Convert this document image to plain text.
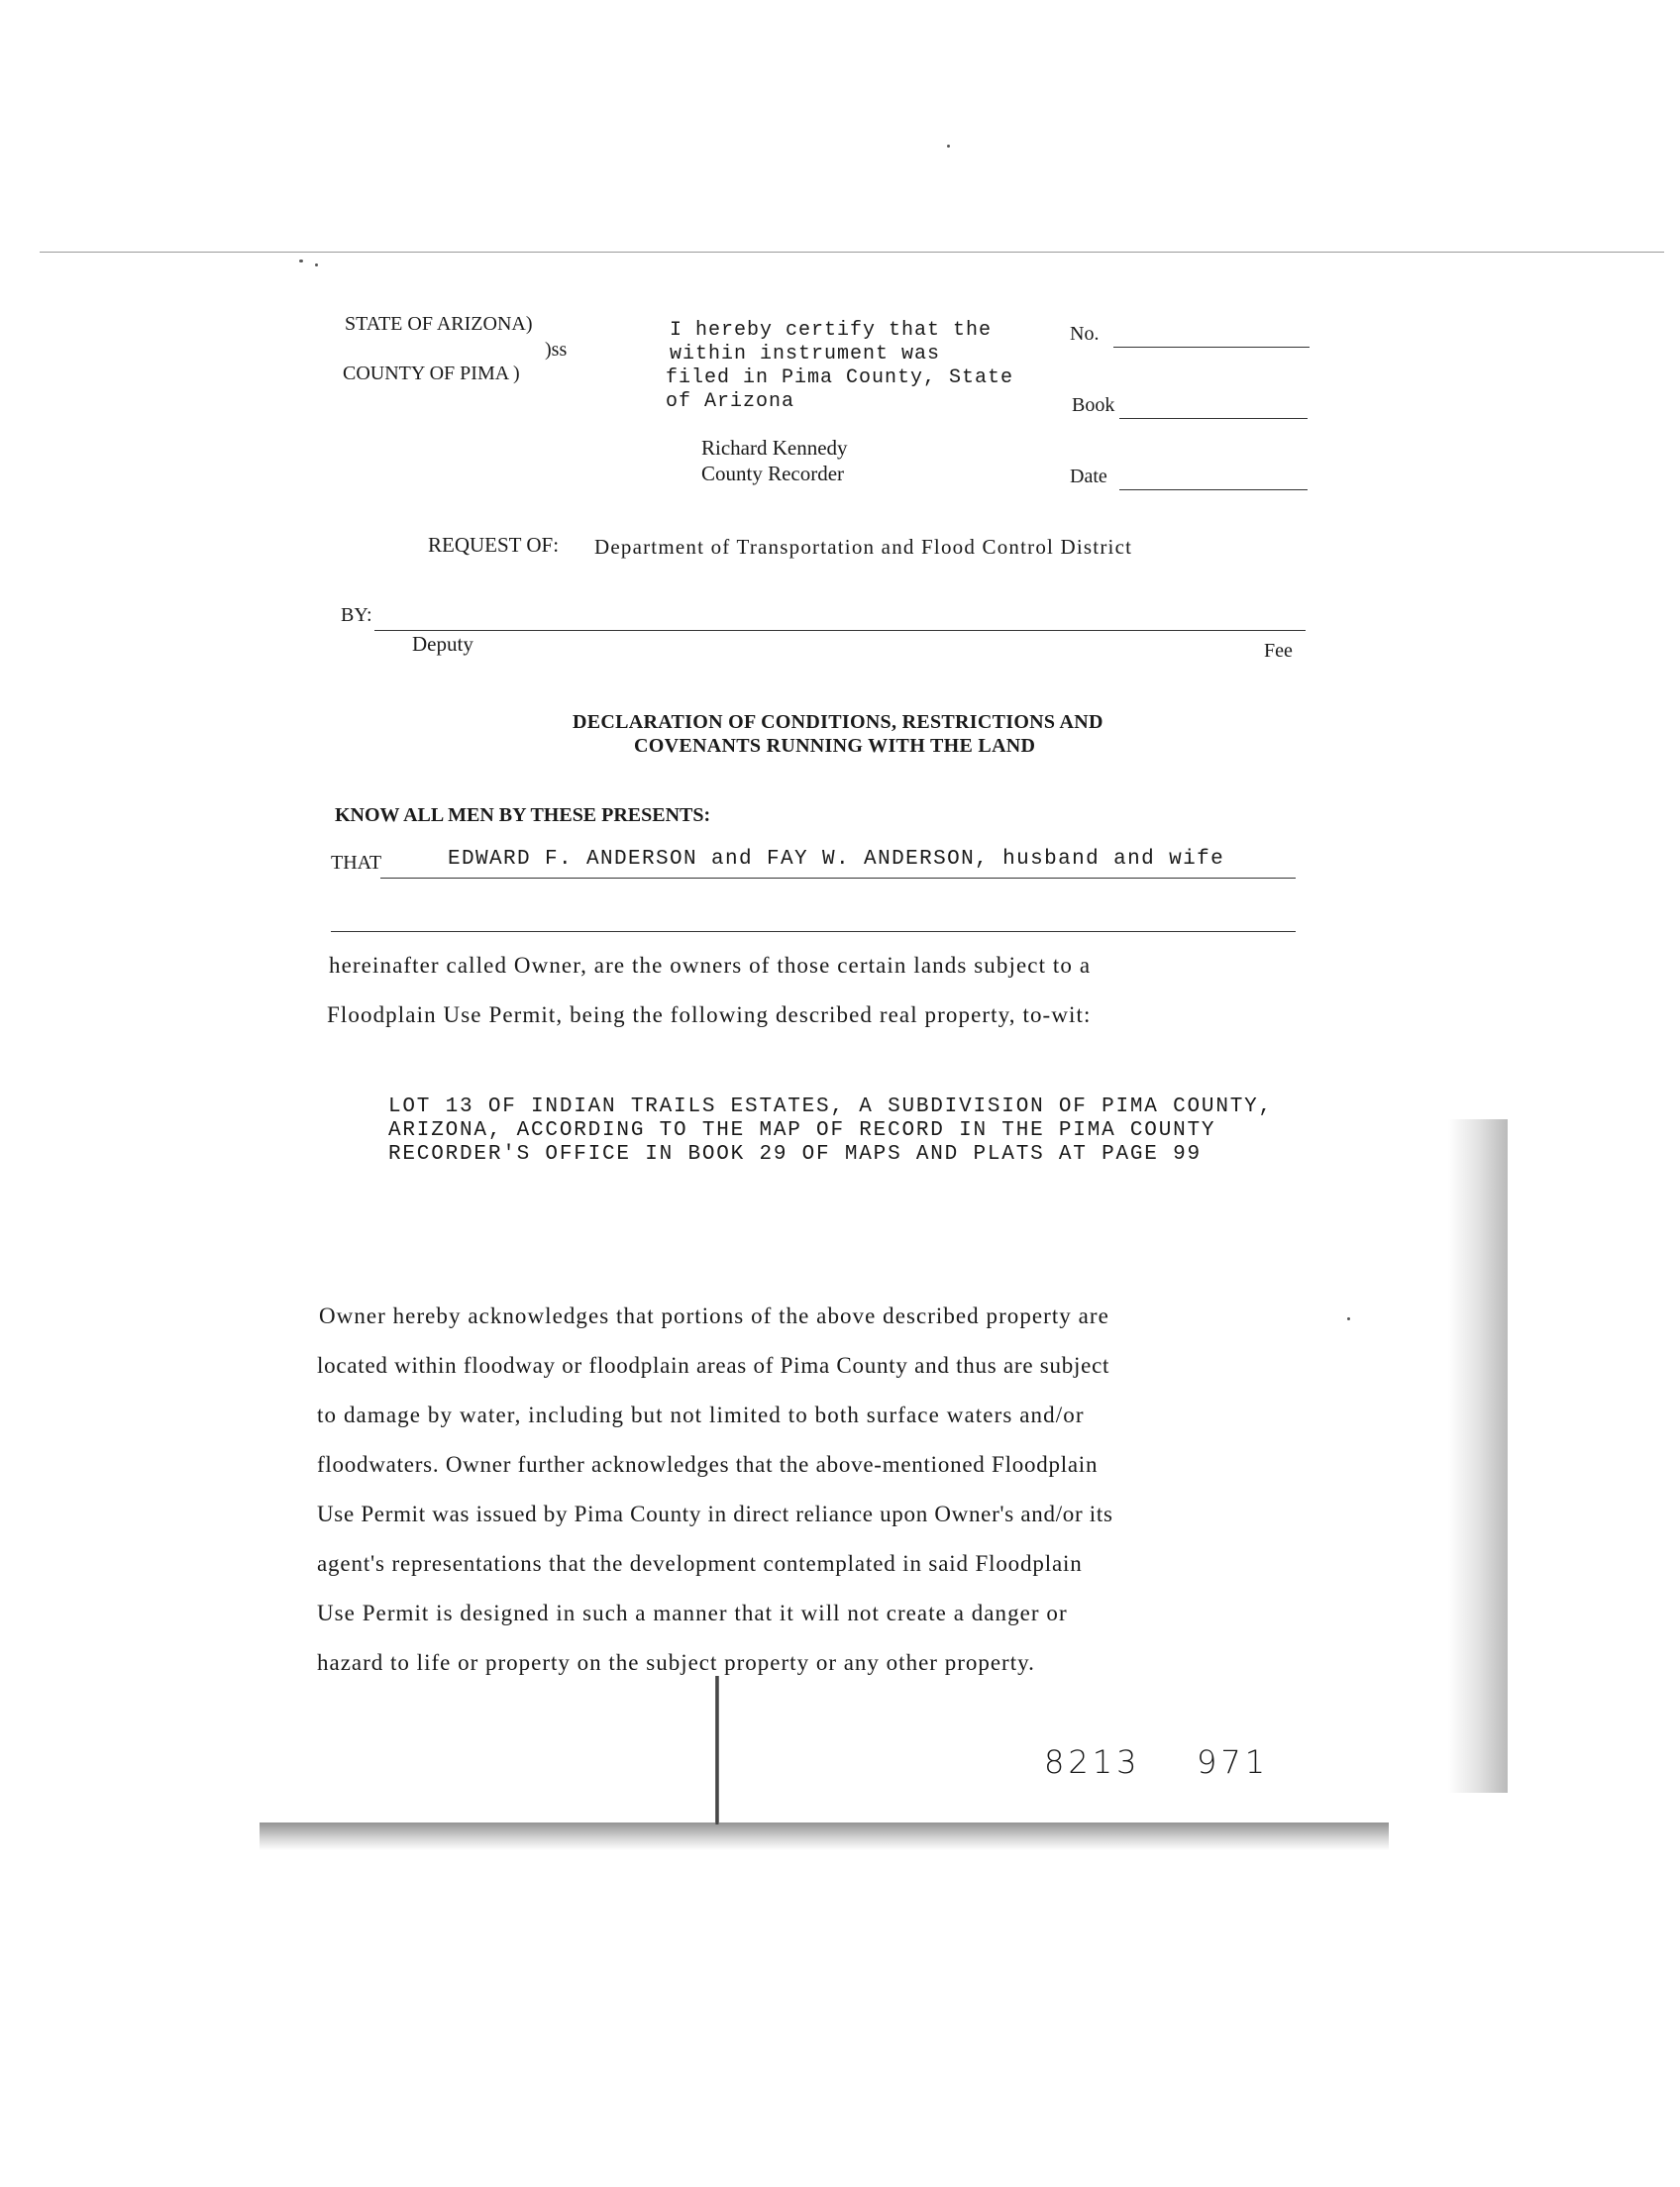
STATE OF ARIZONA)
)ss
COUNTY OF PIMA )
I hereby certify that the
within instrument was
filed in Pima County, State
of Arizona
Richard Kennedy
County Recorder
No.
Book
Date
REQUEST OF: Department of Transportation and Flood Control District
BY:
Deputy	Fee
DECLARATION OF CONDITIONS, RESTRICTIONS AND
COVENANTS RUNNING WITH THE LAND
KNOW ALL MEN BY THESE PRESENTS:
THAT	EDWARD F. ANDERSON and FAY W. ANDERSON, husband and wife
hereinafter called Owner, are the owners of those certain lands subject to a
Floodplain Use Permit, being the following described real property, to-wit:
LOT 13 OF INDIAN TRAILS ESTATES, A SUBDIVISION OF PIMA COUNTY,
ARIZONA, ACCORDING TO THE MAP OF RECORD IN THE PIMA COUNTY
RECORDER'S OFFICE IN BOOK 29 OF MAPS AND PLATS AT PAGE 99
Owner hereby acknowledges that portions of the above described property are
located within floodway or floodplain areas of Pima County and thus are subject
to damage by water, including but not limited to both surface waters and/or
floodwaters. Owner further acknowledges that the above-mentioned Floodplain
Use Permit was issued by Pima County in direct reliance upon Owner's and/or its
agent's representations that the development contemplated in said Floodplain
Use Permit is designed in such a manner that it will not create a danger or
hazard to life or property on the subject property or any other property.
8213 971
